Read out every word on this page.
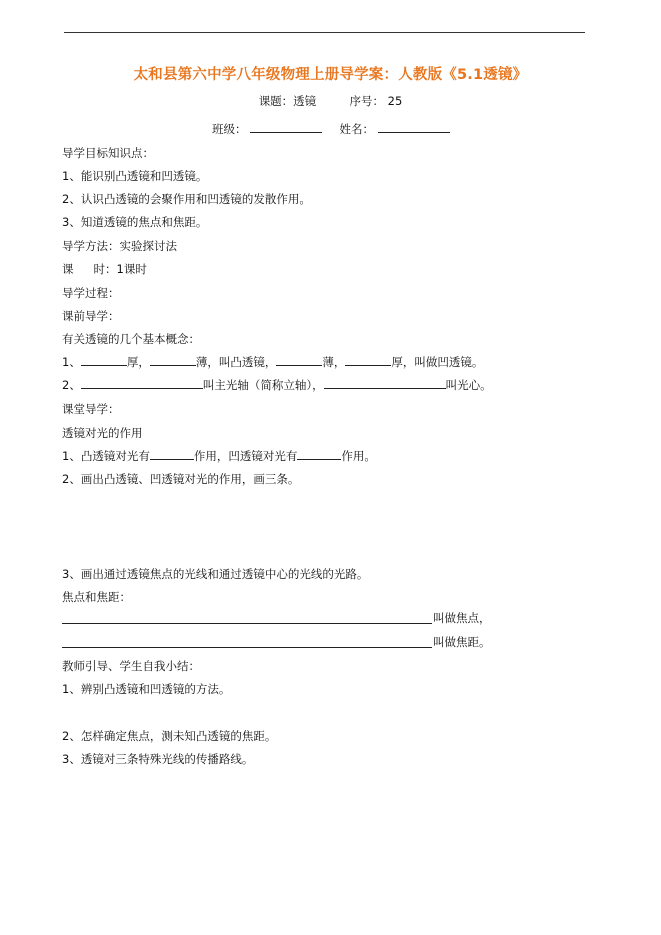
太和县第六中学八年级物理上册导学案：人教版《5.1透镜》
课题：透镜	序号： 25
班级：	姓名：
导学目标知识点：
1、能识别凸透镜和凹透镜。
2、认识凸透镜的会聚作用和凹透镜的发散作用。
3、知道透镜的焦点和焦距。
导学方法：实验探讨法
课 时：1课时
导学过程：
课前导学：
有关透镜的几个基本概念：
1、	厚，	薄，叫凸透镜，	薄，	厚，叫做凹透镜。
2、	叫主光轴（简称立轴），	叫光心。
课堂导学：
透镜对光的作用
1、凸透镜对光有	作用，凹透镜对光有	作用。
2、画出凸透镜、凹透镜对光的作用，画三条。
3、画出通过透镜焦点的光线和通过透镜中心的光线的光路。
焦点和焦距：
叫做焦点，
叫做焦距。
教师引导、学生自我小结：
1、辨别凸透镜和凹透镜的方法。
2、怎样确定焦点，测未知凸透镜的焦距。
3、透镜对三条特殊光线的传播路线。
